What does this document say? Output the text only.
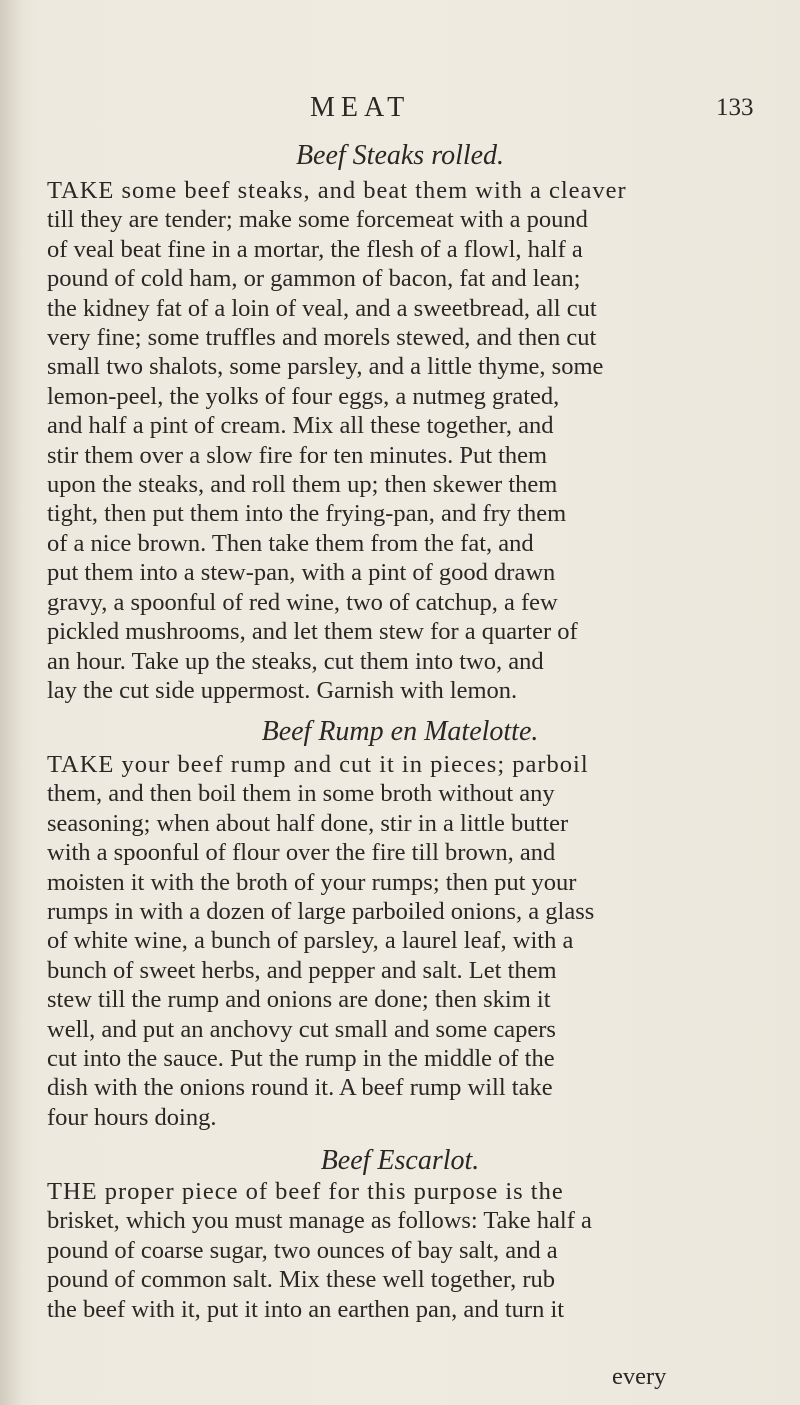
MEAT	133
Beef Steaks rolled.

TAKE some beef steaks, and beat them with a cleaver
till they are tender; make some forcemeat with a pound
of veal beat fine in a mortar, the flesh of a flowl, half a
pound of cold ham, or gammon of bacon, fat and lean;
the kidney fat of a loin of veal, and a sweetbread, all cut
very fine; some truffles and morels stewed, and then cut
small two shalots, some parsley, and a little thyme, some
lemon-peel, the yolks of four eggs, a nutmeg grated,
and half a pint of cream. Mix all these together, and
stir them over a slow fire for ten minutes. Put them
upon the steaks, and roll them up; then skewer them
tight, then put them into the frying-pan, and fry them
of a nice brown. Then take them from the fat, and
put them into a stew-pan, with a pint of good drawn
gravy, a spoonful of red wine, two of catchup, a few
pickled mushrooms, and let them stew for a quarter of
an hour. Take up the steaks, cut them into two, and
lay the cut side uppermost. Garnish with lemon.

Beef Rump en Matelotte.

TAKE your beef rump and cut it in pieces; parboil
them, and then boil them in some broth without any
seasoning; when about half done, stir in a little butter
with a spoonful of flour over the fire till brown, and
moisten it with the broth of your rumps; then put your
rumps in with a dozen of large parboiled onions, a glass
of white wine, a bunch of parsley, a laurel leaf, with a
bunch of sweet herbs, and pepper and salt. Let them
stew till the rump and onions are done; then skim it
well, and put an anchovy cut small and some capers
cut into the sauce. Put the rump in the middle of the
dish with the onions round it. A beef rump will take
four hours doing.

Beef Escarlot.

THE proper piece of beef for this purpose is the
brisket, which you must manage as follows: Take half a
pound of coarse sugar, two ounces of bay salt, and a
pound of common salt. Mix these well together, rub
the beef with it, put it into an earthen pan, and turn it

every
